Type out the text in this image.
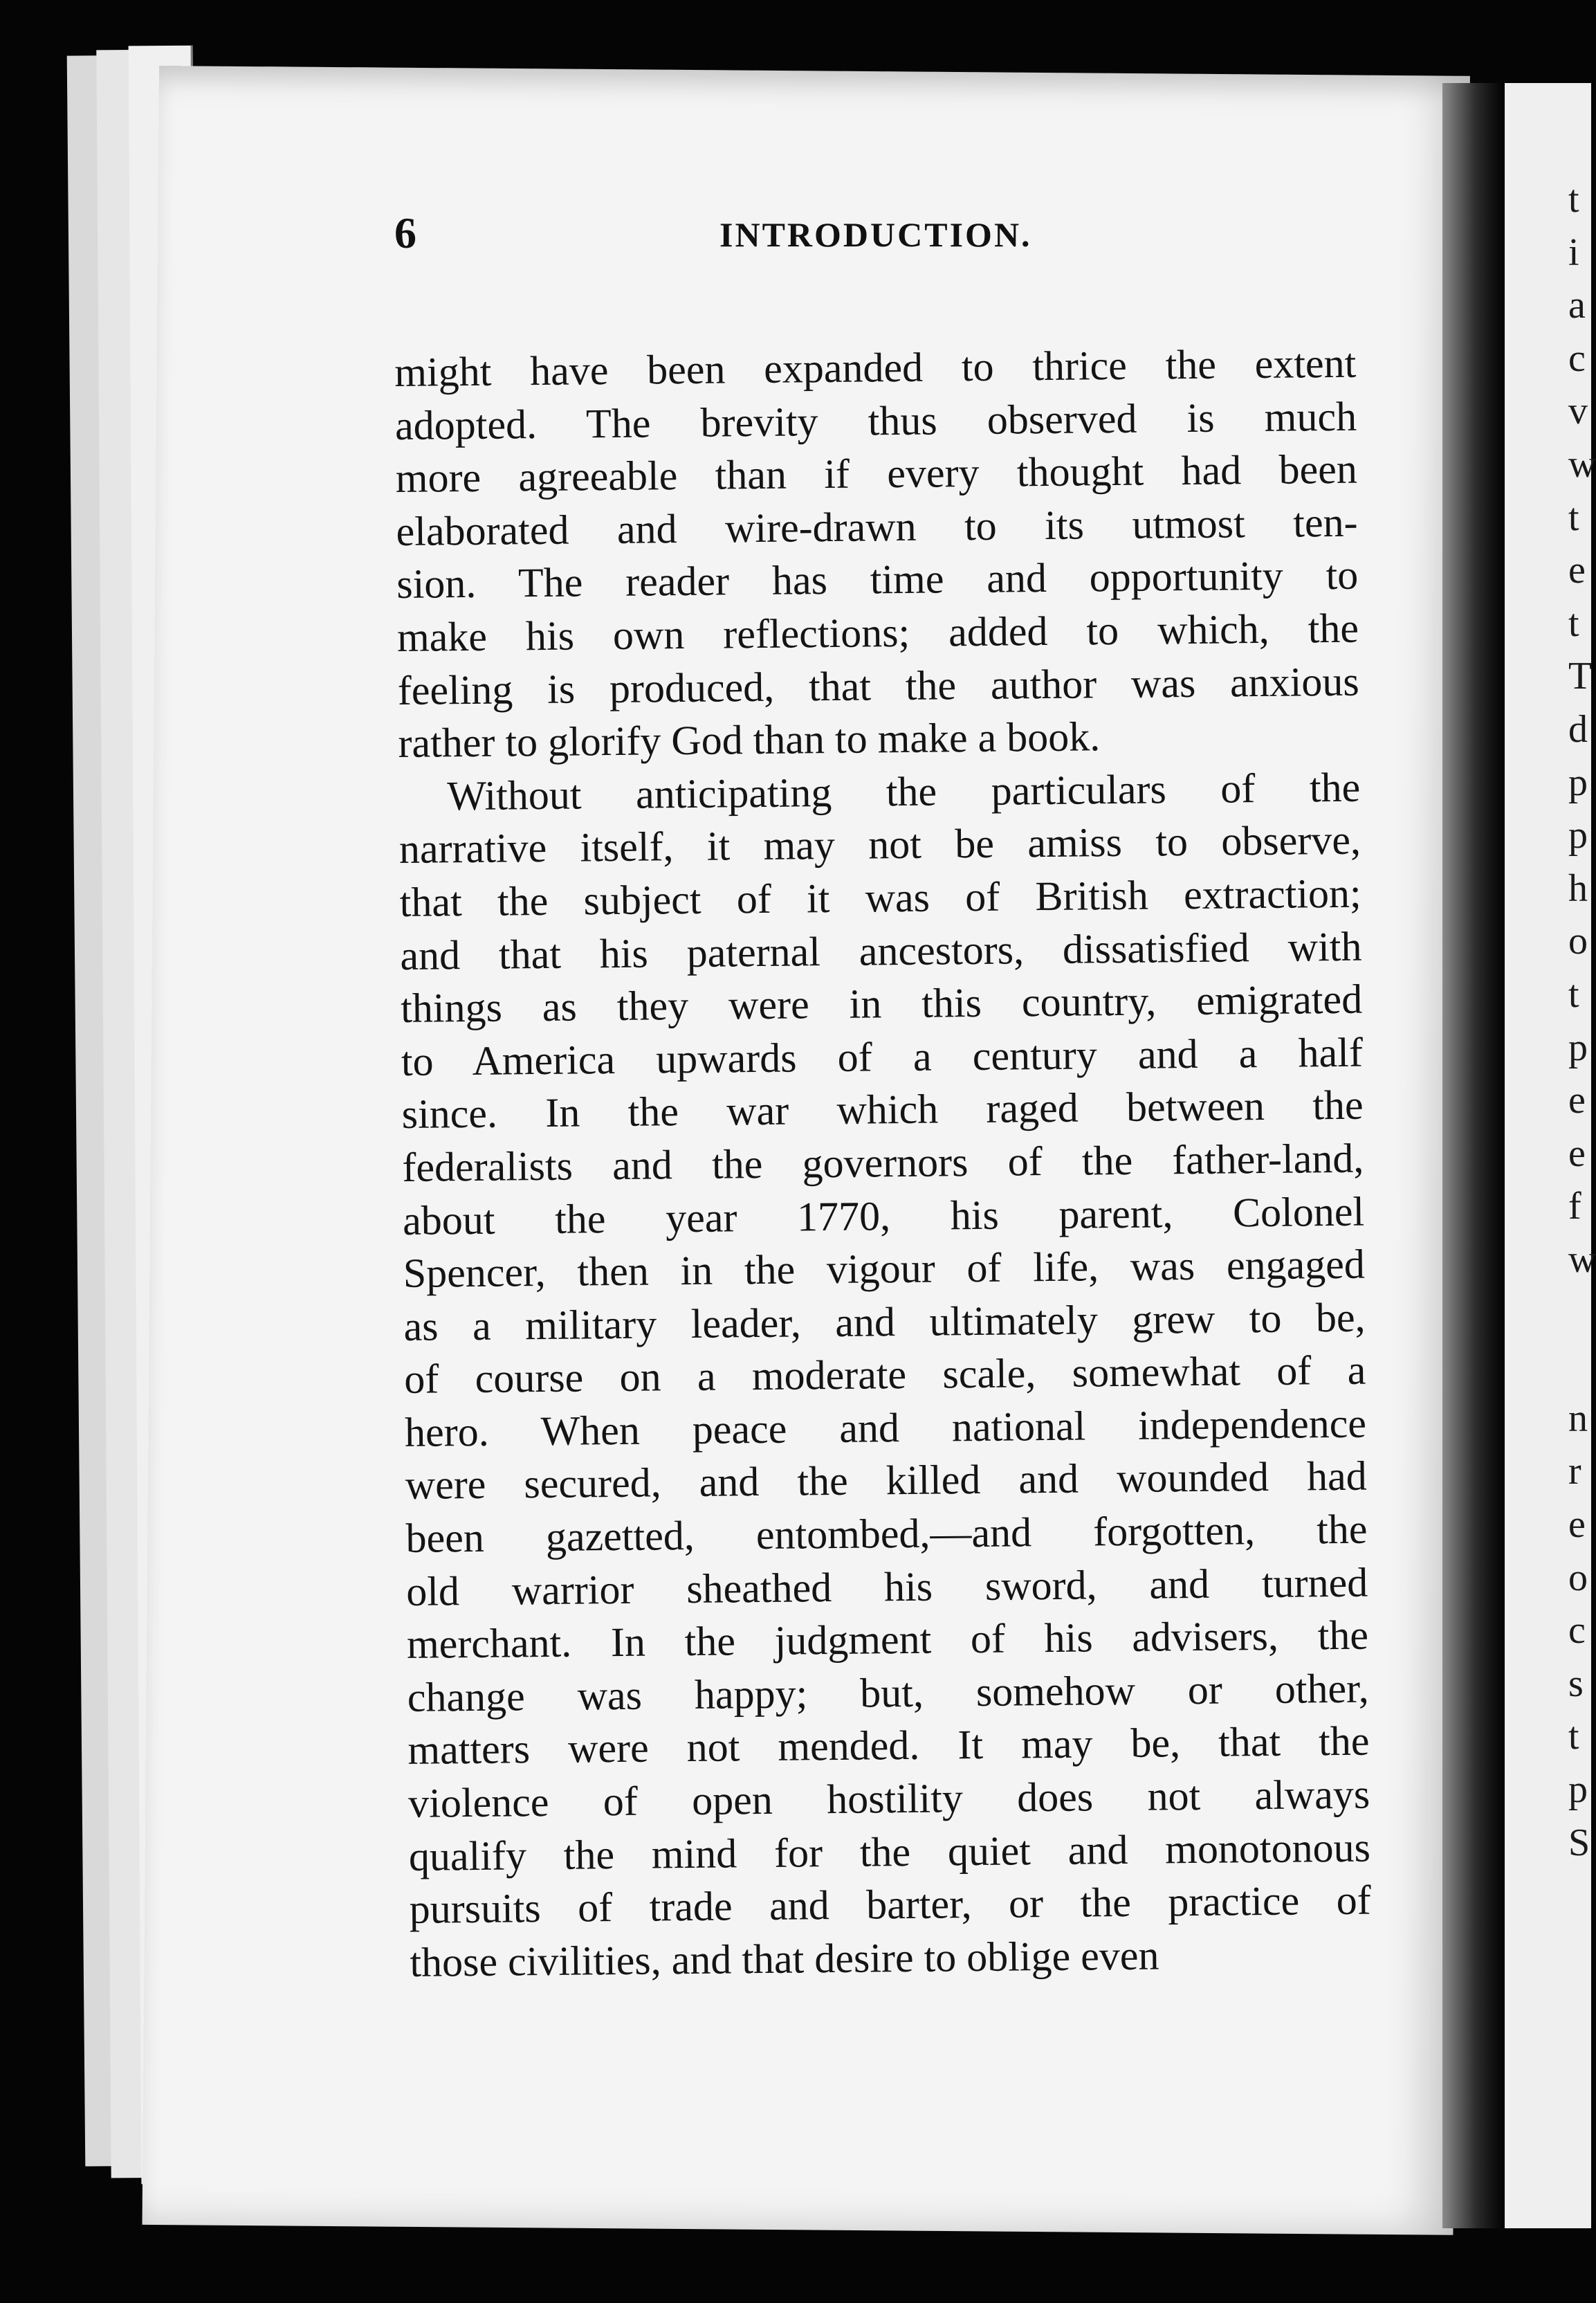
t
i
a
c
v
w
t
e
t
T
d
p
p
h
o
t
p
e
e
f
w
n
r
e
o
c
s
t
p
S
6	INTRODUCTION.
might have been expanded to thrice the extent
adopted. The brevity thus observed is much
more agreeable than if every thought had been
elaborated and wire-drawn to its utmost ten-
sion. The reader has time and opportunity to
make his own reflections; added to which, the
feeling is produced, that the author was anxious
rather to glorify God than to make a book.
Without anticipating the particulars of the
narrative itself, it may not be amiss to observe,
that the subject of it was of British extraction;
and that his paternal ancestors, dissatisfied with
things as they were in this country, emigrated
to America upwards of a century and a half
since. In the war which raged between the
federalists and the governors of the father-land,
about the year 1770, his parent, Colonel
Spencer, then in the vigour of life, was engaged
as a military leader, and ultimately grew to be,
of course on a moderate scale, somewhat of a
hero. When peace and national independence
were secured, and the killed and wounded had
been gazetted, entombed,—and forgotten, the
old warrior sheathed his sword, and turned
merchant. In the judgment of his advisers, the
change was happy; but, somehow or other,
matters were not mended. It may be, that the
violence of open hostility does not always
qualify the mind for the quiet and monotonous
pursuits of trade and barter, or the practice of
those civilities, and that desire to oblige even
